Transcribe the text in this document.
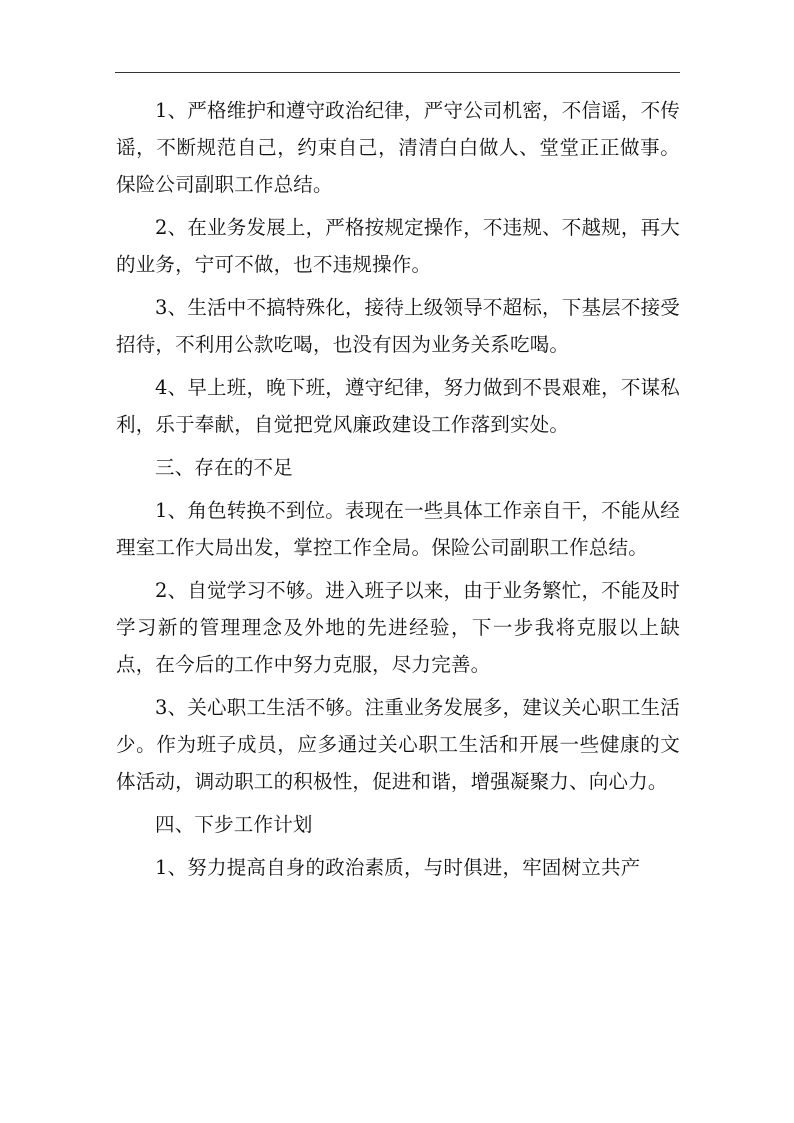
1、严格维护和遵守政治纪律，严守公司机密，不信谣，不传谣，不断规范自己，约束自己，清清白白做人、堂堂正正做事。保险公司副职工作总结。

2、在业务发展上，严格按规定操作，不违规、不越规，再大的业务，宁可不做，也不违规操作。

3、生活中不搞特殊化，接待上级领导不超标，下基层不接受招待，不利用公款吃喝，也没有因为业务关系吃喝。

4、早上班，晚下班，遵守纪律，努力做到不畏艰难，不谋私利，乐于奉献，自觉把党风廉政建设工作落到实处。

三、存在的不足

1、角色转换不到位。表现在一些具体工作亲自干，不能从经理室工作大局出发，掌控工作全局。保险公司副职工作总结。

2、自觉学习不够。进入班子以来，由于业务繁忙，不能及时学习新的管理理念及外地的先进经验，下一步我将克服以上缺点，在今后的工作中努力克服，尽力完善。

3、关心职工生活不够。注重业务发展多，建议关心职工生活少。作为班子成员，应多通过关心职工生活和开展一些健康的文体活动，调动职工的积极性，促进和谐，增强凝聚力、向心力。

四、下步工作计划

1、努力提高自身的政治素质，与时俱进，牢固树立共产
